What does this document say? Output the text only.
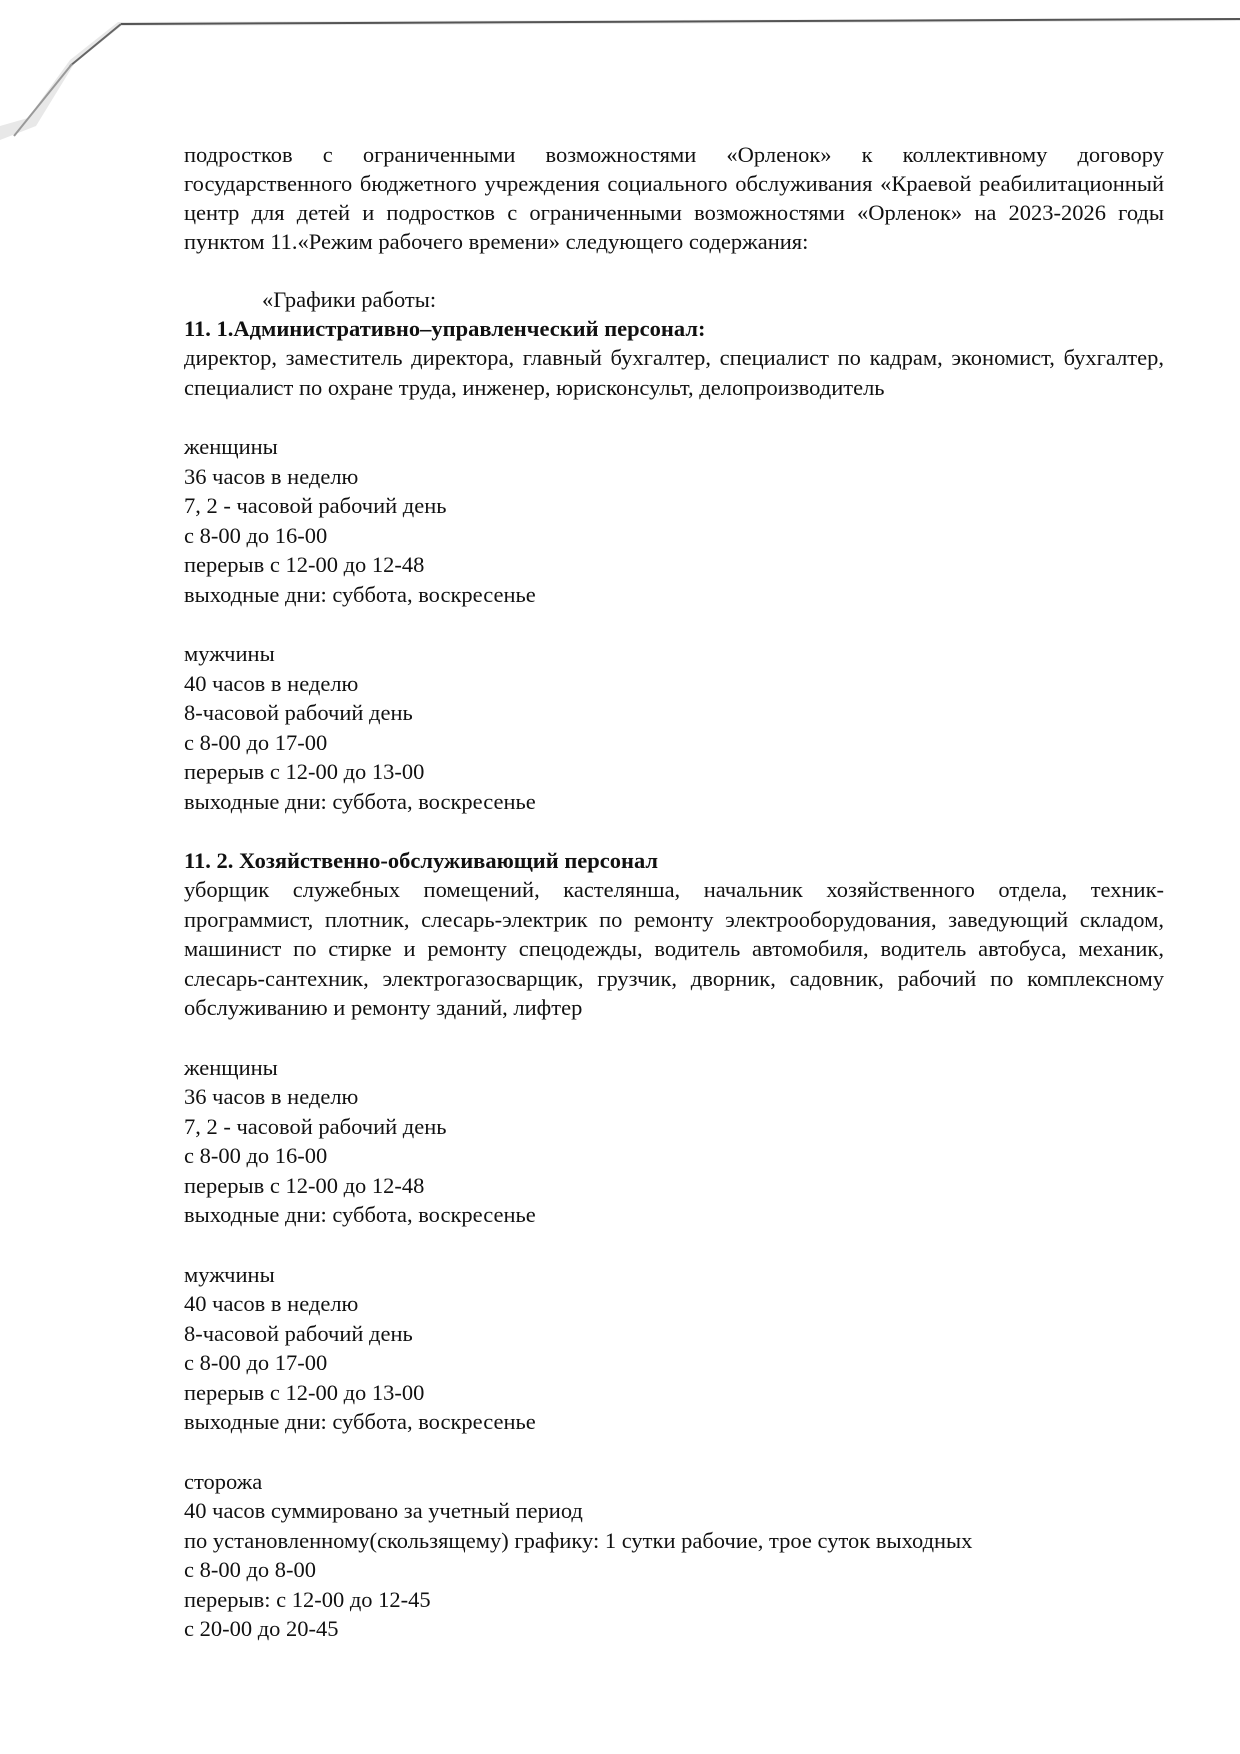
подростков с ограниченными возможностями «Орленок» к коллективному договору государственного бюджетного учреждения социального обслуживания «Краевой реабилитационный центр для детей и подростков с ограниченными возможностями «Орленок» на 2023-2026 годы пунктом 11.«Режим рабочего времени» следующего содержания:

«Графики работы:

11. 1.Административно–управленческий персонал:

директор, заместитель директора, главный бухгалтер, специалист по кадрам, экономист, бухгалтер, специалист по охране труда, инженер, юрисконсульт, делопроизводитель

женщины

36 часов в неделю

7, 2 - часовой рабочий день

с 8-00 до 16-00

перерыв с 12-00 до 12-48

выходные дни: суббота, воскресенье

мужчины

40 часов в неделю

8-часовой рабочий день

с 8-00 до 17-00

перерыв с 12-00 до 13-00

выходные дни: суббота, воскресенье

11. 2. Хозяйственно-обслуживающий персонал

уборщик служебных помещений, кастелянша, начальник хозяйственного отдела, техник-программист, плотник, слесарь-электрик по ремонту электрооборудования, заведующий складом, машинист по стирке и ремонту спецодежды, водитель автомобиля, водитель автобуса, механик, слесарь-сантехник, электрогазосварщик, грузчик, дворник, садовник, рабочий по комплексному обслуживанию и ремонту зданий, лифтер

женщины

36 часов в неделю

7, 2 - часовой рабочий день

с 8-00 до 16-00

перерыв с 12-00 до 12-48

выходные дни: суббота, воскресенье

мужчины

40 часов в неделю

8-часовой рабочий день

с 8-00 до 17-00

перерыв с 12-00 до 13-00

выходные дни: суббота, воскресенье

сторожа

40 часов суммировано за учетный период

по установленному(скользящему) графику: 1 сутки рабочие, трое суток выходных

с 8-00 до 8-00

перерыв: с 12-00 до 12-45

с 20-00 до 20-45
